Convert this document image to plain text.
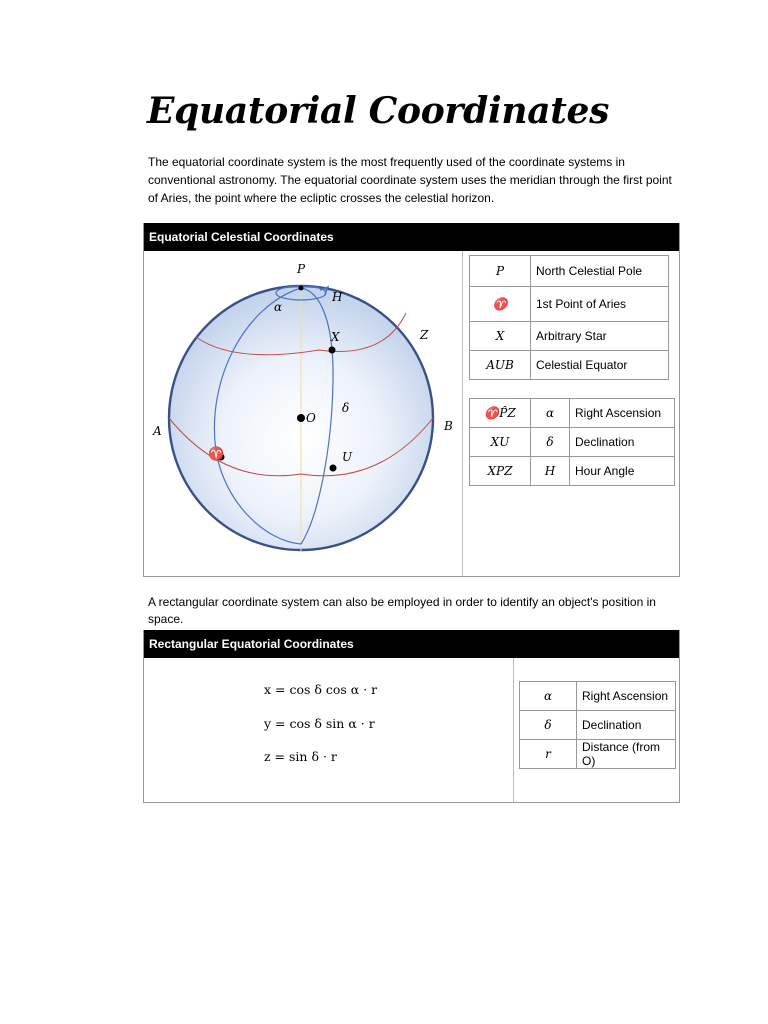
Equatorial Coordinates

The equatorial coordinate system is the most frequently used of the coordinate systems in conventional astronomy. The equatorial coordinate system uses the meridian through the first point of Aries, the point where the ecliptic crosses the celestial horizon.

Equatorial Celestial Coordinates
P
H
α
X	Z
O
δ
A	B
♈	U
P	North Celestial Pole
♈	1st Point of Aries
X	Arbitrary Star
AUB	Celestial Equator
♈P̂Z	α	Right Ascension
XU	δ	Declination
XPZ	H	Hour Angle

A rectangular coordinate system can also be employed in order to identify an object's position in space.

Rectangular Equatorial Coordinates
x = cos δ cos α · r
y = cos δ sin α · r
z = sin δ · r
α	Right Ascension
δ	Declination
r	Distance (from O)
